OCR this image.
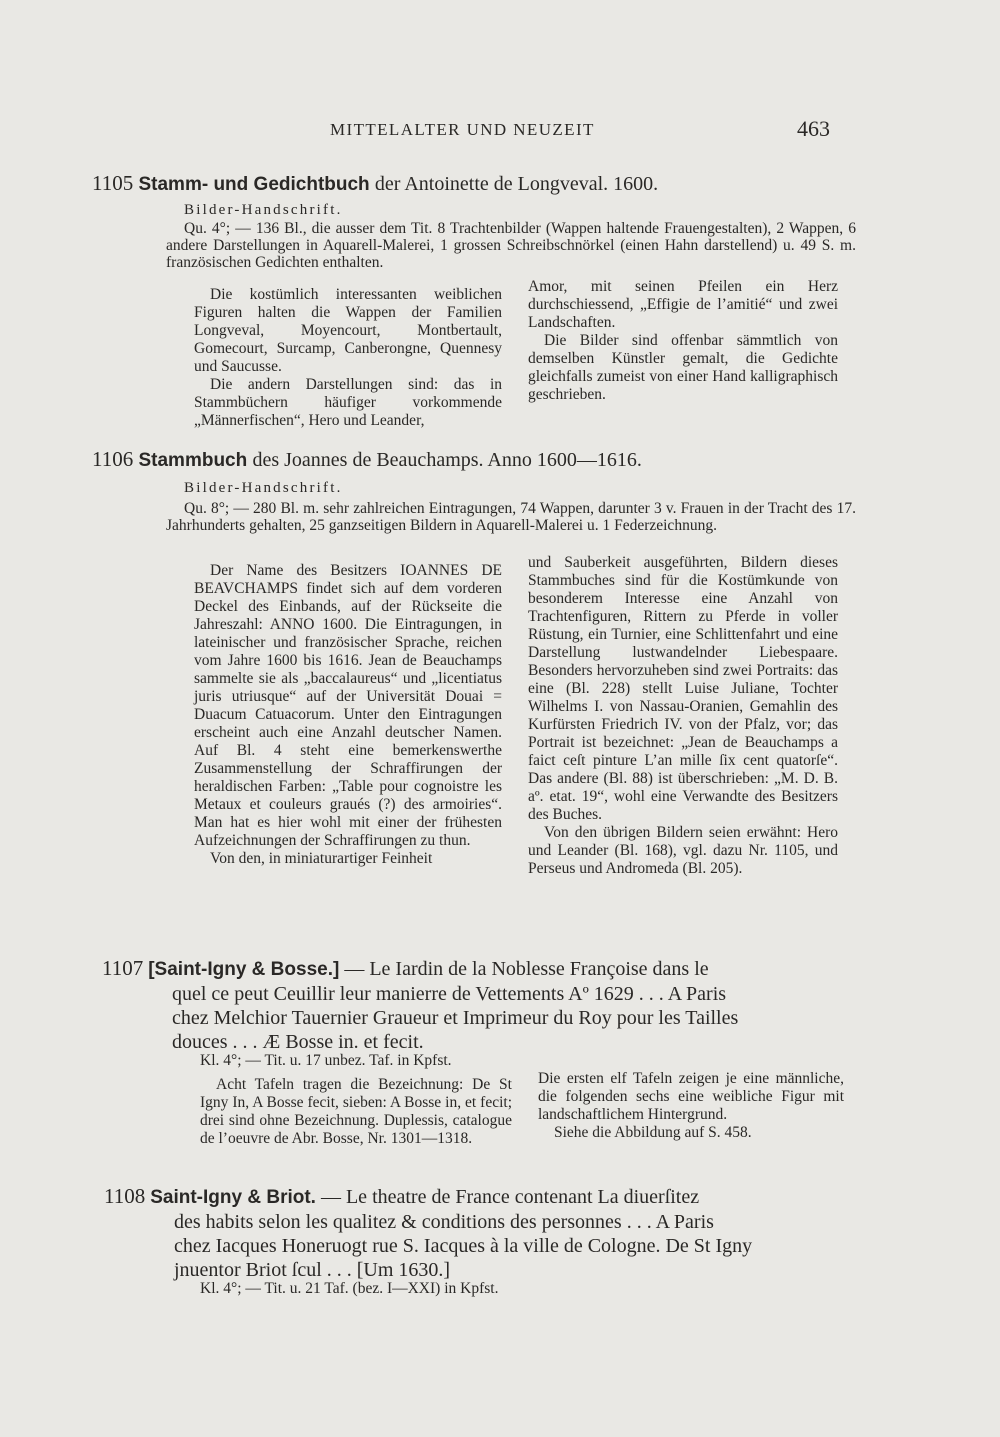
MITTELALTER UND NEUZEIT	463
1105 Stamm- und Gedichtbuch der Antoinette de Longveval. 1600.
Bilder-Handschrift.
Qu. 4°; — 136 Bl., die ausser dem Tit. 8 Trachtenbilder (Wappen haltende Frauengestalten), 2 Wappen, 6 andere Darstellungen in Aquarell-Malerei, 1 grossen Schreibschnörkel (einen Hahn darstellend) u. 49 S. m. französischen Gedichten enthalten.

Die kostümlich interessanten weiblichen Figuren halten die Wappen der Familien Longveval, Moyencourt, Montbertault, Gomecourt, Surcamp, Canberongne, Quennesy und Saucusse.

Die andern Darstellungen sind: das in Stammbüchern häufiger vorkommende „Männerfischen“, Hero und Leander,

Amor, mit seinen Pfeilen ein Herz durchschiessend, „Effigie de l’amitié“ und zwei Landschaften.

Die Bilder sind offenbar sämmtlich von demselben Künstler gemalt, die Gedichte gleichfalls zumeist von einer Hand kalligraphisch geschrieben.

1106 Stammbuch des Joannes de Beauchamps. Anno 1600—1616.
Bilder-Handschrift.
Qu. 8°; — 280 Bl. m. sehr zahlreichen Eintragungen, 74 Wappen, darunter 3 v. Frauen in der Tracht des 17. Jahrhunderts gehalten, 25 ganzseitigen Bildern in Aquarell-Malerei u. 1 Federzeichnung.

Der Name des Besitzers IOANNES DE BEAVCHAMPS findet sich auf dem vorderen Deckel des Einbands, auf der Rückseite die Jahreszahl: ANNO 1600. Die Eintragungen, in lateinischer und französischer Sprache, reichen vom Jahre 1600 bis 1616. Jean de Beauchamps sammelte sie als „baccalaureus“ und „licentiatus juris utriusque“ auf der Universität Douai = Duacum Catuacorum. Unter den Eintragungen erscheint auch eine Anzahl deutscher Namen. Auf Bl. 4 steht eine bemerkenswerthe Zusammenstellung der Schraffirungen der heraldischen Farben: „Table pour cognoistre les Metaux et couleurs graués (?) des armoiries“. Man hat es hier wohl mit einer der frühesten Aufzeichnungen der Schraffirungen zu thun.

Von den, in miniaturartiger Feinheit

und Sauberkeit ausgeführten, Bildern dieses Stammbuches sind für die Kostümkunde von besonderem Interesse eine Anzahl von Trachtenfiguren, Rittern zu Pferde in voller Rüstung, ein Turnier, eine Schlittenfahrt und eine Darstellung lustwandelnder Liebespaare. Besonders hervorzuheben sind zwei Portraits: das eine (Bl. 228) stellt Luise Juliane, Tochter Wilhelms I. von Nassau-Oranien, Gemahlin des Kurfürsten Friedrich IV. von der Pfalz, vor; das Portrait ist bezeichnet: „Jean de Beauchamps a faict ceſt pinture L’an mille ſix cent quatorſe“. Das andere (Bl. 88) ist überschrieben: „M. D. B. aº. etat. 19“, wohl eine Verwandte des Besitzers des Buches.

Von den übrigen Bildern seien erwähnt: Hero und Leander (Bl. 168), vgl. dazu Nr. 1105, und Perseus und Andromeda (Bl. 205).

1107 [Saint-Igny & Bosse.] — Le Iardin de la Noblesse Françoise dans le
quel ce peut Ceuillir leur manierre de Vettements Aº 1629 . . . A Paris
chez Melchior Tauernier Graueur et Imprimeur du Roy pour les Tailles
douces . . . Æ Bosse in. et fecit.
Kl. 4°; — Tit. u. 17 unbez. Taf. in Kpfst.

Acht Tafeln tragen die Bezeichnung: De St Igny In, A Bosse fecit, sieben: A Bosse in, et fecit; drei sind ohne Bezeichnung. Duplessis, catalogue de l’oeuvre de Abr. Bosse, Nr. 1301—1318.

Die ersten elf Tafeln zeigen je eine männliche, die folgenden sechs eine weibliche Figur mit landschaftlichem Hintergrund.

Siehe die Abbildung auf S. 458.

1108 Saint-Igny & Briot. — Le theatre de France contenant La diuerſitez
des habits selon les qualitez & conditions des personnes . . . A Paris
chez Iacques Honeruogt rue S. Iacques à la ville de Cologne. De St Igny
jnuentor Briot ſcul . . . [Um 1630.]
Kl. 4°; — Tit. u. 21 Taf. (bez. I—XXI) in Kpfst.
